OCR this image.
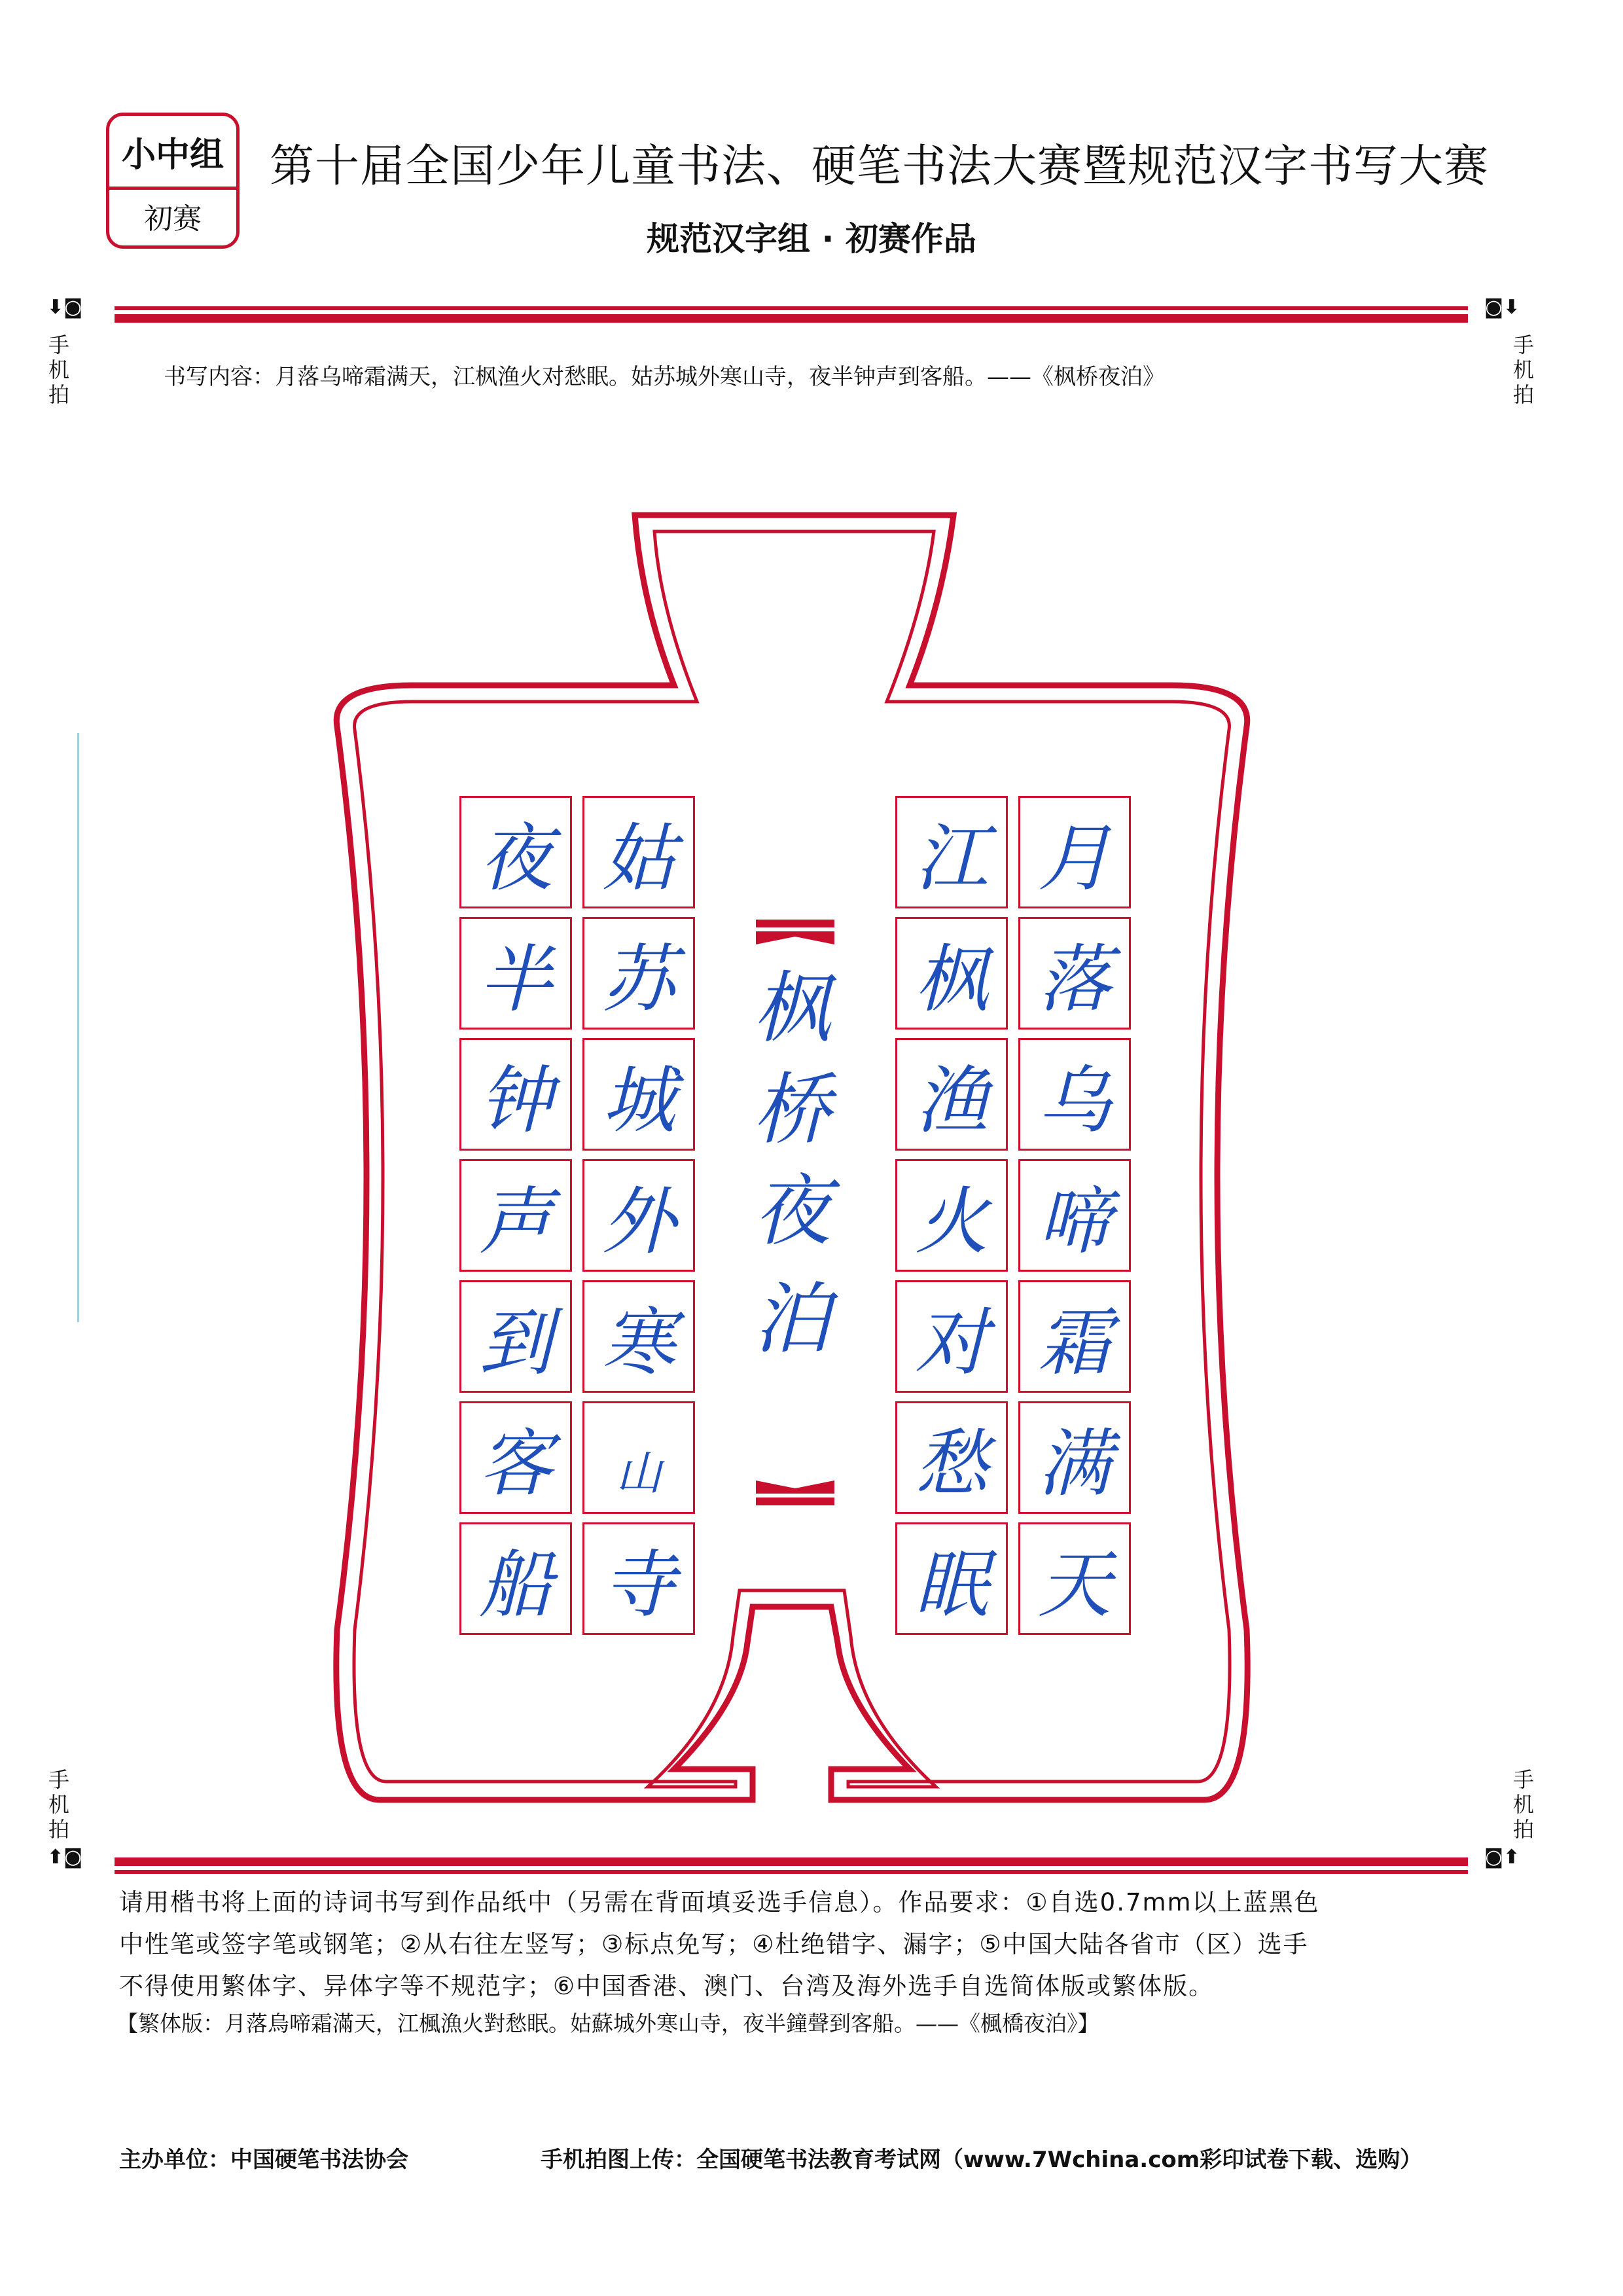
小中组
初赛
第十届全国少年儿童书法、硬笔书法大赛暨规范汉字书写大赛
规范汉字组 · 初赛作品
⬇◙
手
机
拍
◙⬇
手
机
拍
书写内容：月落乌啼霜满天，江枫渔火对愁眠。姑苏城外寒山寺，夜半钟声到客船。——《枫桥夜泊》
枫
桥
夜
泊
月
落
乌
啼
霜
满
天
江
枫
渔
火
对
愁
眠
姑
苏
城
外
寒
山
寺
夜
半
钟
声
到
客
船
手
机
拍
⬆◙
手
机
拍
◙⬆

请用楷书将上面的诗词书写到作品纸中（另需在背面填妥选手信息）。作品要求：①自选0.7mm以上蓝黑色

中性笔或签字笔或钢笔；②从右往左竖写；③标点免写；④杜绝错字、漏字；⑤中国大陆各省市（区）选手

不得使用繁体字、异体字等不规范字；⑥中国香港、澳门、台湾及海外选手自选简体版或繁体版。

【繁体版：月落烏啼霜滿天，江楓漁火對愁眠。姑蘇城外寒山寺，夜半鐘聲到客船。——《楓橋夜泊》】
主办单位：中国硬笔书法协会	手机拍图上传：全国硬笔书法教育考试网（www.7Wchina.com彩印试卷下载、选购）
